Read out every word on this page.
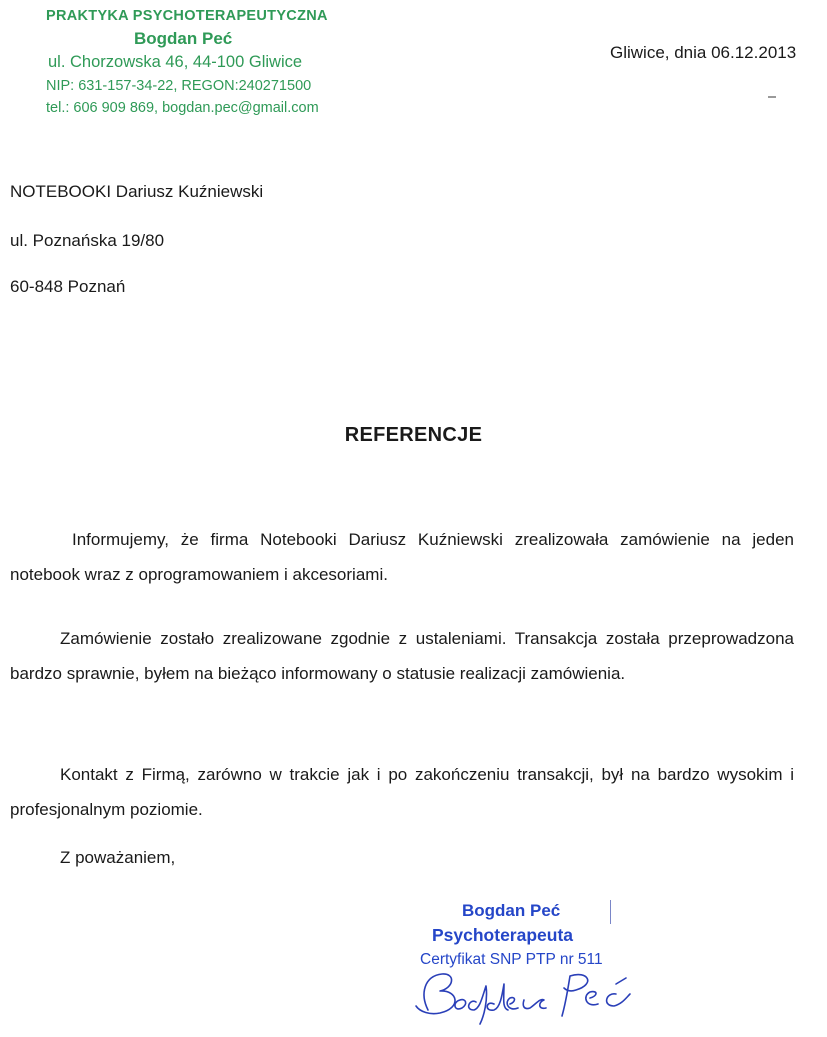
PRAKTYKA PSYCHOTERAPEUTYCZNA
Bogdan Peć
ul. Chorzowska 46, 44-100 Gliwice
NIP: 631-157-34-22, REGON:240271500
tel.: 606 909 869, bogdan.pec@gmail.com
Gliwice, dnia 06.12.2013
NOTEBOOKI Dariusz Kuźniewski
ul. Poznańska 19/80
60-848 Poznań
REFERENCJE
Informujemy, że firma Notebooki Dariusz Kuźniewski zrealizowała zamówienie na jeden notebook wraz z oprogramowaniem i akcesoriami.
Zamówienie zostało zrealizowane zgodnie z ustaleniami. Transakcja została przeprowadzona bardzo sprawnie, byłem na bieżąco informowany o statusie realizacji zamówienia.
Kontakt z Firmą, zarówno w trakcie jak i po zakończeniu transakcji, był na bardzo wysokim i profesjonalnym poziomie.
Z poważaniem,
Bogdan Peć
Psychoterapeuta
Certyfikat SNP PTP nr 511
